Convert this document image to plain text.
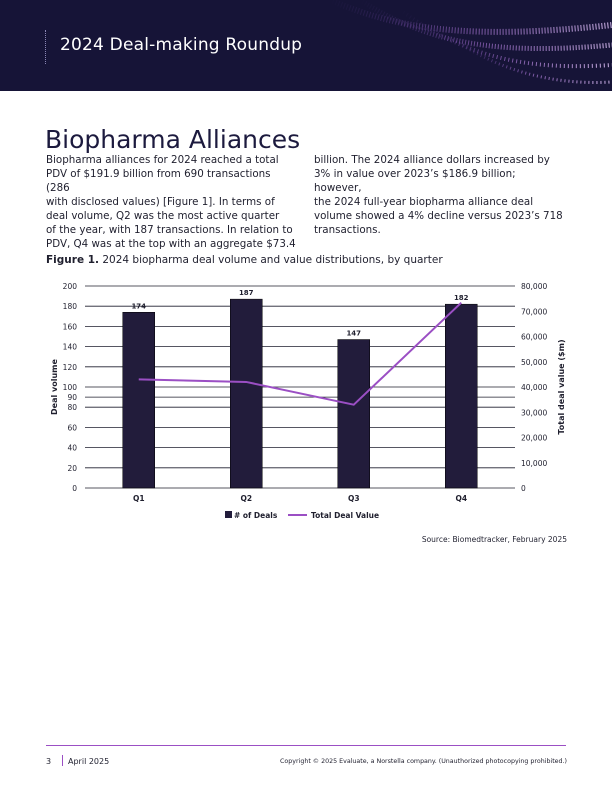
2024 Deal-making Roundup
Biopharma Alliances
Biopharma alliances for 2024 reached a total
PDV of $191.9 billion from 690 transactions (286
with disclosed values) [Figure 1]. In terms of
deal volume, Q2 was the most active quarter
of the year, with 187 transactions. In relation to
PDV, Q4 was at the top with an aggregate $73.4
billion. The 2024 alliance dollars increased by
3% in value over 2023’s $186.9 billion; however,
the 2024 full-year biopharma alliance deal
volume showed a 4% decline versus 2023’s 718
transactions.
Figure 1. 2024 biopharma deal volume and value distributions, by quarter
0
20
40
60
80
90
100
120
140
160
180
200
0
10,000
20,000
30,000
40,000
50,000
60,000
70,000
80,000
Deal volume	Total deal value ($m)
174
Q1
187
Q2
147
Q3
182
Q4
# of Deals	Total Deal Value
Source: Biomedtracker, February 2025
3 April 2025	Copyright © 2025 Evaluate, a Norstella company. (Unauthorized photocopying prohibited.)
